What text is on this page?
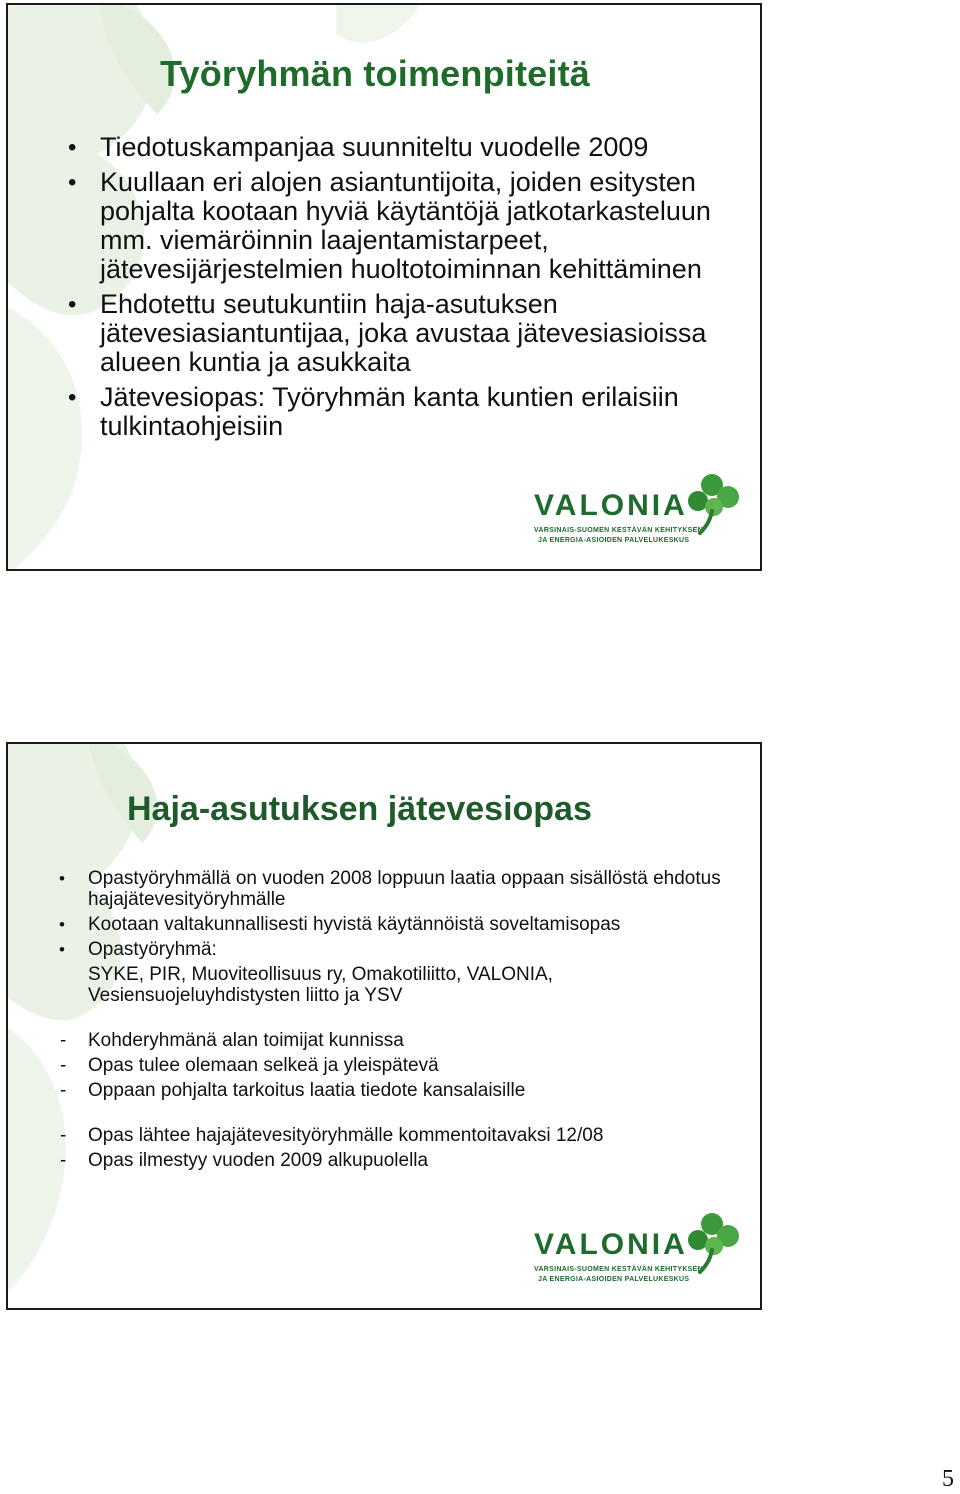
Työryhmän toimenpiteitä
• Tiedotuskampanjaa suunniteltu vuodelle 2009
• Kuullaan eri alojen asiantuntijoita, joiden esitysten pohjalta kootaan hyviä käytäntöjä jatkotarkasteluun mm. viemäröinnin laajentamistarpeet, jätevesijärjestelmien huoltotoiminnan kehittäminen
• Ehdotettu seutukuntiin haja-asutuksen jätevesiasiantuntijaa, joka avustaa jätevesiasioissa alueen kuntia ja asukkaita
• Jätevesiopas: Työryhmän kanta kuntien erilaisiin tulkintaohjeisiin
VALONIA
VARSINAIS-SUOMEN KESTÄVÄN KEHITYKSEN
JA ENERGIA-ASIOIDEN PALVELUKESKUS
Haja-asutuksen jätevesiopas
• Opastyöryhmällä on vuoden 2008 loppuun laatia oppaan sisällöstä ehdotus hajajätevesityöryhmälle
• Kootaan valtakunnallisesti hyvistä käytännöistä soveltamisopas
• Opastyöryhmä:
SYKE, PIR, Muoviteollisuus ry, Omakotiliitto, VALONIA, Vesiensuojeluyhdistysten liitto ja YSV
- Kohderyhmänä alan toimijat kunnissa
- Opas tulee olemaan selkeä ja yleispätevä
- Oppaan pohjalta tarkoitus laatia tiedote kansalaisille
- Opas lähtee hajajätevesityöryhmälle kommentoitavaksi 12/08
- Opas ilmestyy vuoden 2009 alkupuolella
VALONIA
VARSINAIS-SUOMEN KESTÄVÄN KEHITYKSEN
JA ENERGIA-ASIOIDEN PALVELUKESKUS
5
